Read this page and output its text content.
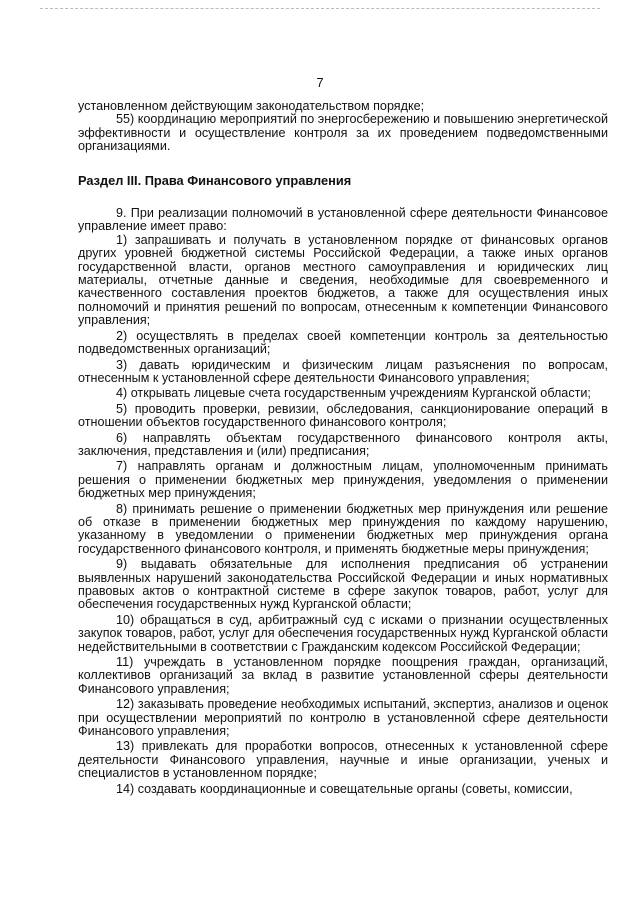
7

установленном действующим законодательством порядке;

55) координацию мероприятий по энергосбережению и повышению энергетической эффективности и осуществление контроля за их проведением подведомственными организациями.

Раздел III. Права Финансового управления

9. При реализации полномочий в установленной сфере деятельности Финансовое управление имеет право:

1) запрашивать и получать в установленном порядке от финансовых органов других уровней бюджетной системы Российской Федерации, а также иных органов государственной власти, органов местного самоуправления и юридических лиц материалы, отчетные данные и сведения, необходимые для своевременного и качественного составления проектов бюджетов, а также для осуществления иных полномочий и принятия решений по вопросам, отнесенным к компетенции Финансового управления;

2) осуществлять в пределах своей компетенции контроль за деятельностью подведомственных организаций;

3) давать юридическим и физическим лицам разъяснения по вопросам, отнесенным к установленной сфере деятельности Финансового управления;

4) открывать лицевые счета государственным учреждениям Курганской области;

5) проводить проверки, ревизии, обследования, санкционирование операций в отношении объектов государственного финансового контроля;

6) направлять объектам государственного финансового контроля акты, заключения, представления и (или) предписания;

7) направлять органам и должностным лицам, уполномоченным принимать решения о применении бюджетных мер принуждения, уведомления о применении бюджетных мер принуждения;

8) принимать решение о применении бюджетных мер принуждения или решение об отказе в применении бюджетных мер принуждения по каждому нарушению, указанному в уведомлении о применении бюджетных мер принуждения органа государственного финансового контроля, и применять бюджетные меры принуждения;

9) выдавать обязательные для исполнения предписания об устранении выявленных нарушений законодательства Российской Федерации и иных нормативных правовых актов о контрактной системе в сфере закупок товаров, работ, услуг для обеспечения государственных нужд Курганской области;

10) обращаться в суд, арбитражный суд с исками о признании осуществленных закупок товаров, работ, услуг для обеспечения государственных нужд Курганской области недействительными в соответствии с Гражданским кодексом Российской Федерации;

11) учреждать в установленном порядке поощрения граждан, организаций, коллективов организаций за вклад в развитие установленной сферы деятельности Финансового управления;

12) заказывать проведение необходимых испытаний, экспертиз, анализов и оценок при осуществлении мероприятий по контролю в установленной сфере деятельности Финансового управления;

13) привлекать для проработки вопросов, отнесенных к установленной сфере деятельности Финансового управления, научные и иные организации, ученых и специалистов в установленном порядке;

14) создавать координационные и совещательные органы (советы, комиссии,
